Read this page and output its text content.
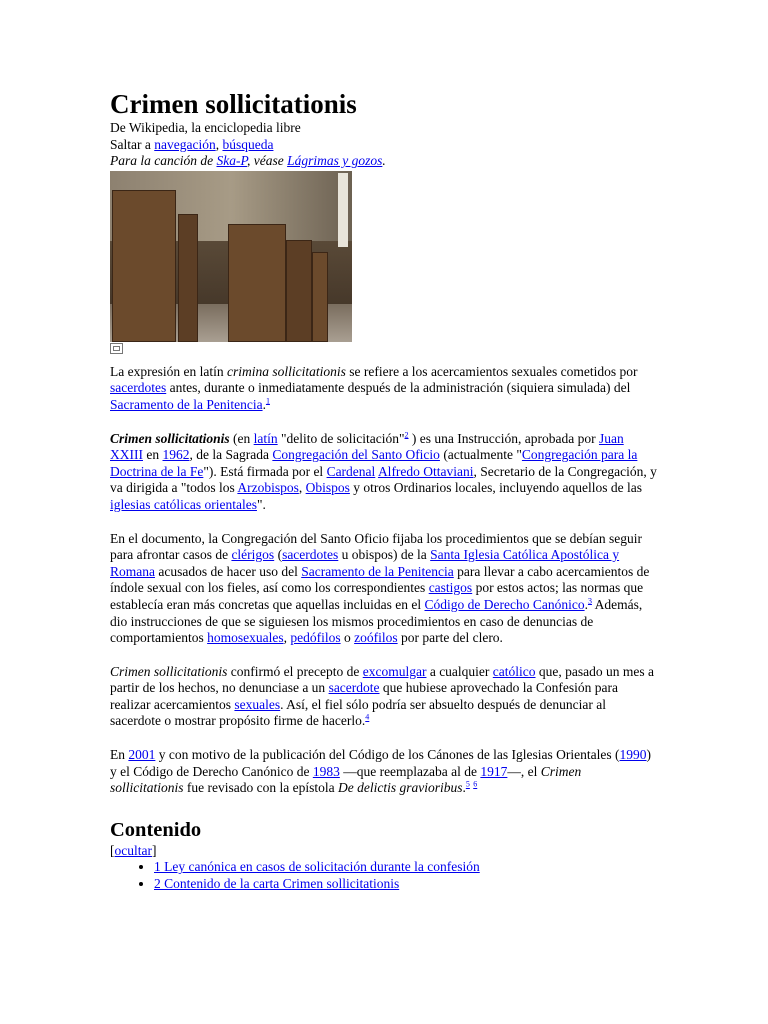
Crimen sollicitationis
De Wikipedia, la enciclopedia libre
Saltar a navegación, búsqueda
Para la canción de Ska-P, véase Lágrimas y gozos.

La expresión en latín crimina sollicitationis se refiere a los acercamientos sexuales cometidos por sacerdotes antes, durante o inmediatamente después de la administración (siquiera simulada) del Sacramento de la Penitencia.$^1$

Crimen sollicitationis (en latín "delito de solicitación"$^2$ ) es una Instrucción, aprobada por Juan XXIII en 1962, de la Sagrada Congregación del Santo Oficio (actualmente "Congregación para la Doctrina de la Fe"). Está firmada por el Cardenal Alfredo Ottaviani, Secretario de la Congregación, y va dirigida a "todos los Arzobispos, Obispos y otros Ordinarios locales, incluyendo aquellos de las iglesias católicas orientales".

En el documento, la Congregación del Santo Oficio fijaba los procedimientos que se debían seguir para afrontar casos de clérigos (sacerdotes u obispos) de la Santa Iglesia Católica Apostólica y Romana acusados de hacer uso del Sacramento de la Penitencia para llevar a cabo acercamientos de índole sexual con los fieles, así como los correspondientes castigos por estos actos; las normas que establecía eran más concretas que aquellas incluidas en el Código de Derecho Canónico.$^3$ Además, dio instrucciones de que se siguiesen los mismos procedimientos en caso de denuncias de comportamientos homosexuales, pedófilos o zoófilos por parte del clero.

Crimen sollicitationis confirmó el precepto de excomulgar a cualquier católico que, pasado un mes a partir de los hechos, no denunciase a un sacerdote que hubiese aprovechado la Confesión para realizar acercamientos sexuales. Así, el fiel sólo podría ser absuelto después de denunciar al sacerdote o mostrar propósito firme de hacerlo.$^4$

En 2001 y con motivo de la publicación del Código de los Cánones de las Iglesias Orientales (1990) y el Código de Derecho Canónico de 1983 —que reemplazaba al de 1917—, el Crimen sollicitationis fue revisado con la epístola De delictis gravioribus.$^5$ $^6$

Contenido
[ocultar]
• 1 Ley canónica en casos de solicitación durante la confesión
• 2 Contenido de la carta Crimen sollicitationis
